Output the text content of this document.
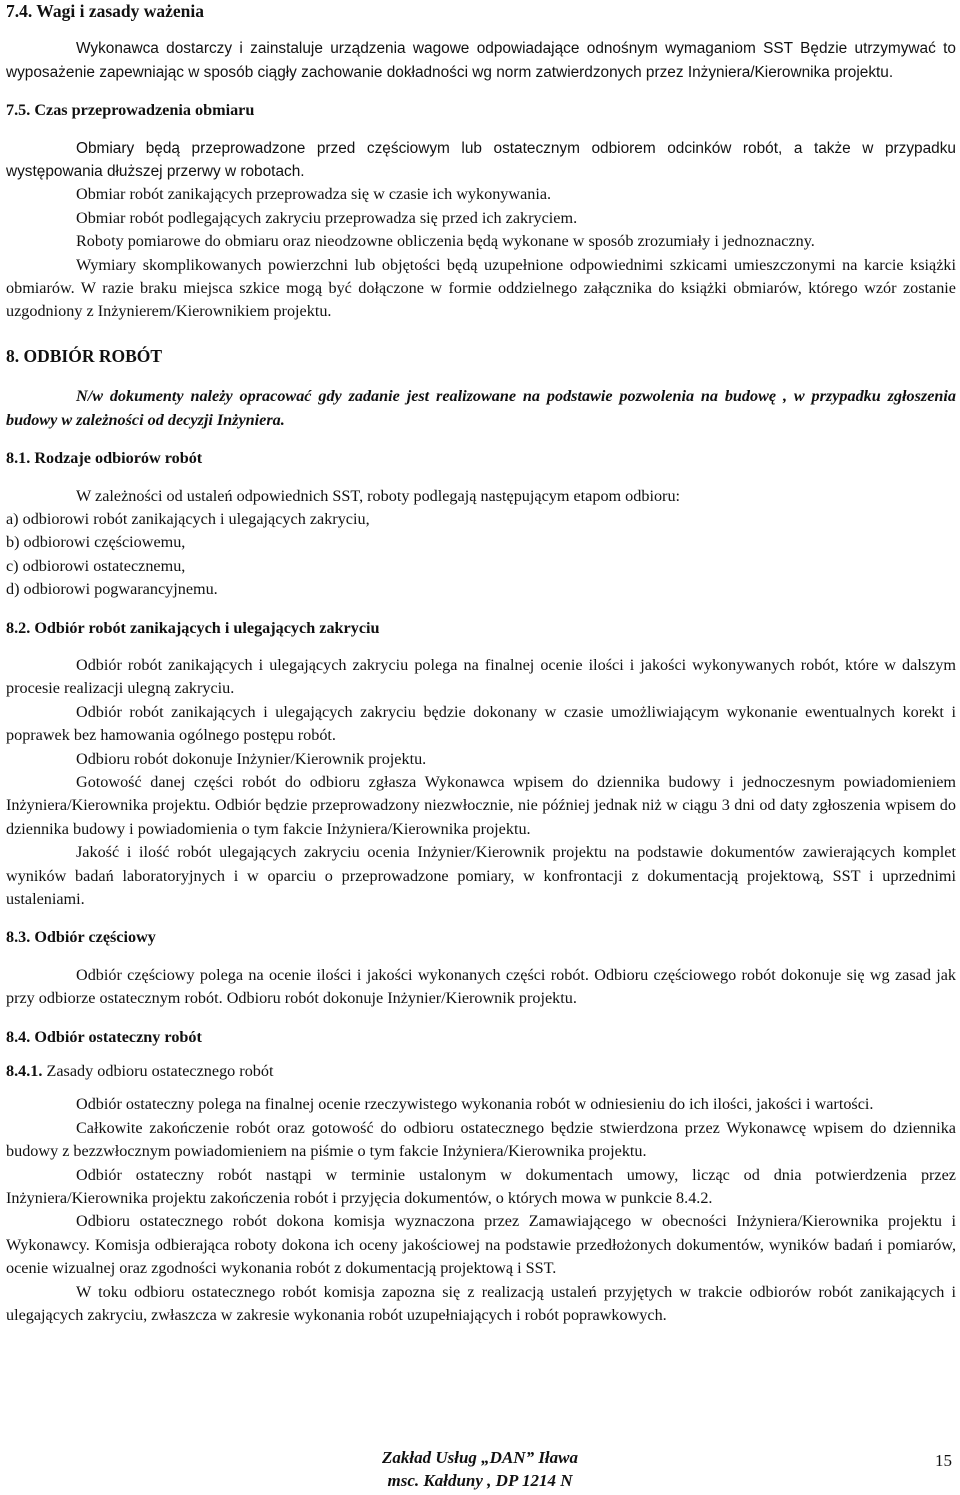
7.4. Wagi i zasady ważenia

Wykonawca dostarczy i zainstaluje urządzenia wagowe odpowiadające odnośnym wymaganiom SST Będzie utrzymywać to wyposażenie zapewniając w sposób ciągły zachowanie dokładności wg norm zatwierdzonych przez Inżyniera/Kierownika projektu.

7.5. Czas przeprowadzenia obmiaru

Obmiary będą przeprowadzone przed częściowym lub ostatecznym odbiorem odcinków robót, a także w przypadku występowania dłuższej przerwy w robotach.

Obmiar robót zanikających przeprowadza się w czasie ich wykonywania.

Obmiar robót podlegających zakryciu przeprowadza się przed ich zakryciem.

Roboty pomiarowe do obmiaru oraz nieodzowne obliczenia będą wykonane w sposób zrozumiały i jednoznaczny.

Wymiary skomplikowanych powierzchni lub objętości będą uzupełnione odpowiednimi szkicami umieszczonymi na karcie książki obmiarów. W razie braku miejsca szkice mogą być dołączone w formie oddzielnego załącznika do książki obmiarów, którego wzór zostanie uzgodniony z Inżynierem/Kierownikiem projektu.

8. ODBIÓR ROBÓT

N/w dokumenty należy opracować gdy zadanie jest realizowane na podstawie pozwolenia na budowę , w przypadku zgłoszenia budowy w zależności od decyzji Inżyniera.

8.1. Rodzaje odbiorów robót

W zależności od ustaleń odpowiednich SST, roboty podlegają następującym etapom odbioru:

a) odbiorowi robót zanikających i ulegających zakryciu,

b) odbiorowi częściowemu,

c) odbiorowi ostatecznemu,

d) odbiorowi pogwarancyjnemu.

8.2. Odbiór robót zanikających i ulegających zakryciu

Odbiór robót zanikających i ulegających zakryciu polega na finalnej ocenie ilości i jakości wykonywanych robót, które w dalszym procesie realizacji ulegną zakryciu.

Odbiór robót zanikających i ulegających zakryciu będzie dokonany w czasie umożliwiającym wykonanie ewentualnych korekt i poprawek bez hamowania ogólnego postępu robót.

Odbioru robót dokonuje Inżynier/Kierownik projektu.

Gotowość danej części robót do odbioru zgłasza Wykonawca wpisem do dziennika budowy i jednoczesnym powiadomieniem Inżyniera/Kierownika projektu. Odbiór będzie przeprowadzony niezwłocznie, nie później jednak niż w ciągu 3 dni od daty zgłoszenia wpisem do dziennika budowy i powiadomienia o tym fakcie Inżyniera/Kierownika projektu.

Jakość i ilość robót ulegających zakryciu ocenia Inżynier/Kierownik projektu na podstawie dokumentów zawierających komplet wyników badań laboratoryjnych i w oparciu o przeprowadzone pomiary, w konfrontacji z dokumentacją projektową, SST i uprzednimi ustaleniami.

8.3. Odbiór częściowy

Odbiór częściowy polega na ocenie ilości i jakości wykonanych części robót. Odbioru częściowego robót dokonuje się wg zasad jak przy odbiorze ostatecznym robót. Odbioru robót dokonuje Inżynier/Kierownik projektu.

8.4. Odbiór ostateczny robót

8.4.1. Zasady odbioru ostatecznego robót

Odbiór ostateczny polega na finalnej ocenie rzeczywistego wykonania robót w odniesieniu do ich ilości, jakości i wartości.

Całkowite zakończenie robót oraz gotowość do odbioru ostatecznego będzie stwierdzona przez Wykonawcę wpisem do dziennika budowy z bezzwłocznym powiadomieniem na piśmie o tym fakcie Inżyniera/Kierownika projektu.

Odbiór ostateczny robót nastąpi w terminie ustalonym w dokumentach umowy, licząc od dnia potwierdzenia przez Inżyniera/Kierownika projektu zakończenia robót i przyjęcia dokumentów, o których mowa w punkcie 8.4.2.

Odbioru ostatecznego robót dokona komisja wyznaczona przez Zamawiającego w obecności Inżyniera/Kierownika projektu i Wykonawcy. Komisja odbierająca roboty dokona ich oceny jakościowej na podstawie przedłożonych dokumentów, wyników badań i pomiarów, ocenie wizualnej oraz zgodności wykonania robót z dokumentacją projektową i SST.

W toku odbioru ostatecznego robót komisja zapozna się z realizacją ustaleń przyjętych w trakcie odbiorów robót zanikających i ulegających zakryciu, zwłaszcza w zakresie wykonania robót uzupełniających i robót poprawkowych.

Zakład Usług „DAN” Iława
msc. Kałduny , DP 1214 N
15
